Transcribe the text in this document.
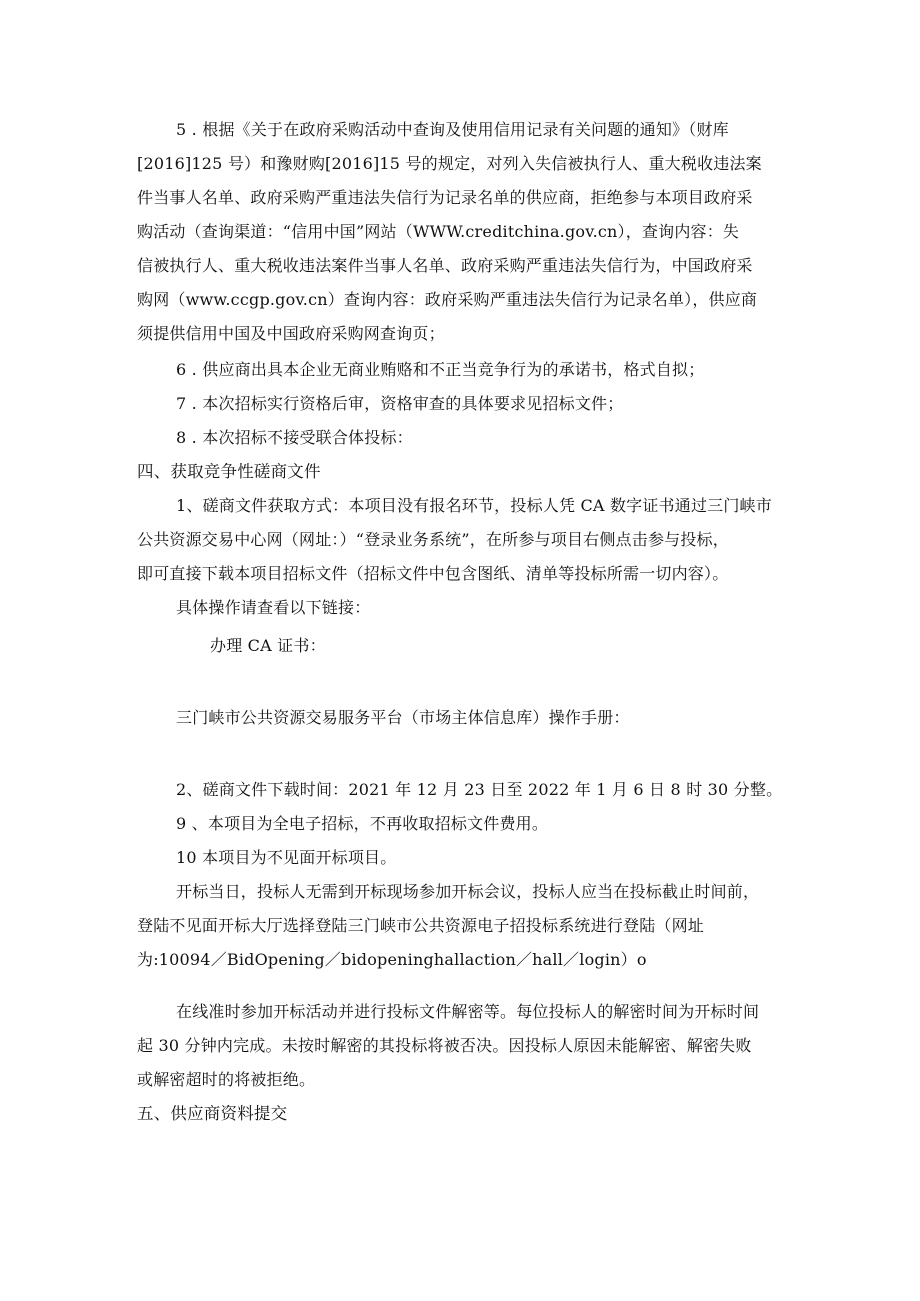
5 . 根据《关于在政府采购活动中查询及使用信用记录有关问题的通知》（财库
[2016]125 号）和豫财购[2016]15 号的规定，对列入失信被执行人、重大税收违法案
件当事人名单、政府采购严重违法失信行为记录名单的供应商，拒绝参与本项目政府采
购活动（查询渠道：“信用中国”网站（WWW.creditchina.gov.cn），查询内容：失
信被执行人、重大税收违法案件当事人名单、政府采购严重违法失信行为，中国政府采
购网（www.ccgp.gov.cn）查询内容：政府采购严重违法失信行为记录名单），供应商
须提供信用中国及中国政府采购网查询页；
6 . 供应商出具本企业无商业贿赂和不正当竞争行为的承诺书，格式自拟；
7 . 本次招标实行资格后审，资格审查的具体要求见招标文件；
8 . 本次招标不接受联合体投标：
四、获取竞争性磋商文件
1、磋商文件获取方式：本项目没有报名环节，投标人凭 CA 数字证书通过三门峡市
公共资源交易中心网（网址：）“登录业务系统”，在所参与项目右侧点击参与投标，
即可直接下载本项目招标文件（招标文件中包含图纸、清单等投标所需一切内容）。
具体操作请查看以下链接：
办理 CA 证书：
三门峡市公共资源交易服务平台（市场主体信息库）操作手册：
2、磋商文件下载时间：2021 年 12 月 23 日至 2022 年 1 月 6 日 8 时 30 分整。
9 、本项目为全电子招标，不再收取招标文件费用。
10 本项目为不见面开标项目。
开标当日，投标人无需到开标现场参加开标会议，投标人应当在投标截止时间前，
登陆不见面开标大厅选择登陆三门峡市公共资源电子招投标系统进行登陆（网址
为:10094／BidOpening／bidopeninghallaction／hall／login）o
在线准时参加开标活动并进行投标文件解密等。每位投标人的解密时间为开标时间
起 30 分钟内完成。未按时解密的其投标将被否决。因投标人原因未能解密、解密失败
或解密超时的将被拒绝。
五、供应商资料提交
